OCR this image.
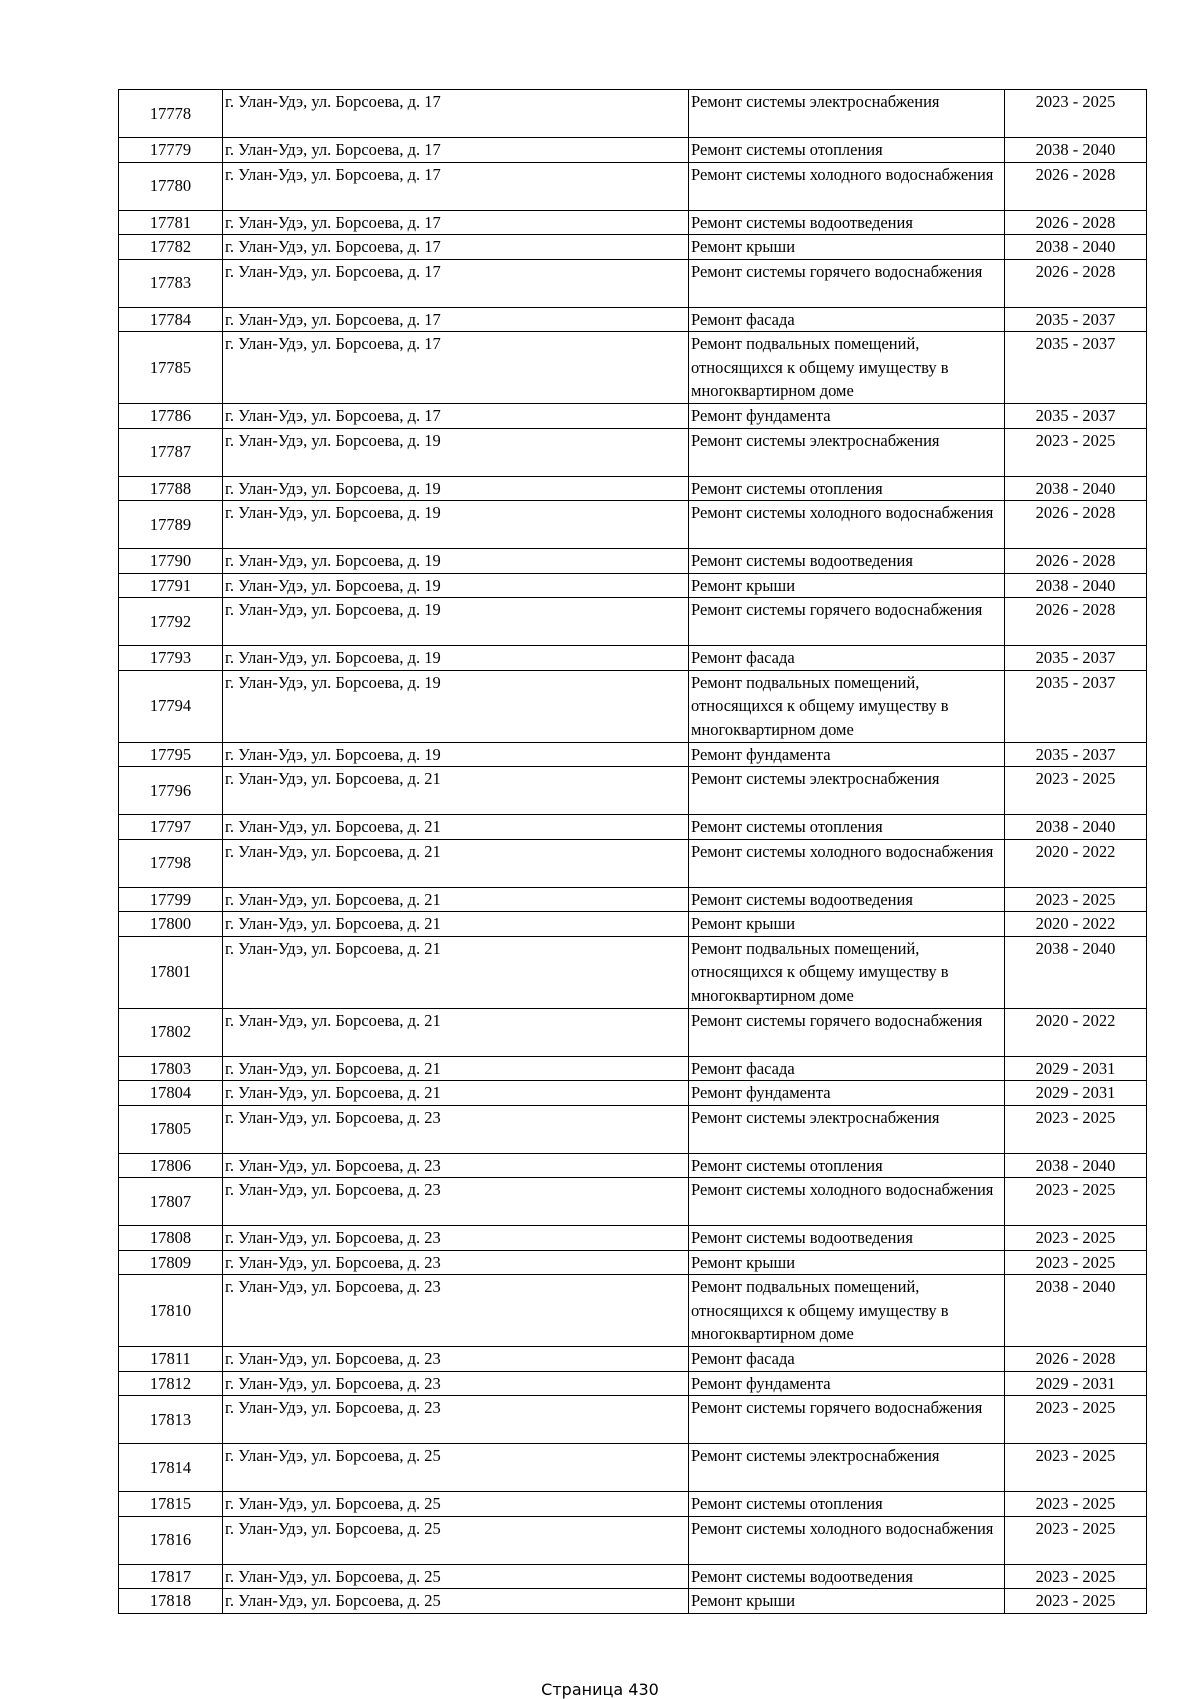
17778	г. Улан-Удэ, ул. Борсоева, д. 17	Ремонт системы электроснабжения	2023 - 2025
17779	г. Улан-Удэ, ул. Борсоева, д. 17	Ремонт системы отопления	2038 - 2040
17780	г. Улан-Удэ, ул. Борсоева, д. 17	Ремонт системы холодного водоснабжения	2026 - 2028
17781	г. Улан-Удэ, ул. Борсоева, д. 17	Ремонт системы водоотведения	2026 - 2028
17782	г. Улан-Удэ, ул. Борсоева, д. 17	Ремонт крыши	2038 - 2040
17783	г. Улан-Удэ, ул. Борсоева, д. 17	Ремонт системы горячего водоснабжения	2026 - 2028
17784	г. Улан-Удэ, ул. Борсоева, д. 17	Ремонт фасада	2035 - 2037
17785	г. Улан-Удэ, ул. Борсоева, д. 17	Ремонт подвальных помещений, относящихся к общему имуществу в многоквартирном доме	2035 - 2037
17786	г. Улан-Удэ, ул. Борсоева, д. 17	Ремонт фундамента	2035 - 2037
17787	г. Улан-Удэ, ул. Борсоева, д. 19	Ремонт системы электроснабжения	2023 - 2025
17788	г. Улан-Удэ, ул. Борсоева, д. 19	Ремонт системы отопления	2038 - 2040
17789	г. Улан-Удэ, ул. Борсоева, д. 19	Ремонт системы холодного водоснабжения	2026 - 2028
17790	г. Улан-Удэ, ул. Борсоева, д. 19	Ремонт системы водоотведения	2026 - 2028
17791	г. Улан-Удэ, ул. Борсоева, д. 19	Ремонт крыши	2038 - 2040
17792	г. Улан-Удэ, ул. Борсоева, д. 19	Ремонт системы горячего водоснабжения	2026 - 2028
17793	г. Улан-Удэ, ул. Борсоева, д. 19	Ремонт фасада	2035 - 2037
17794	г. Улан-Удэ, ул. Борсоева, д. 19	Ремонт подвальных помещений, относящихся к общему имуществу в многоквартирном доме	2035 - 2037
17795	г. Улан-Удэ, ул. Борсоева, д. 19	Ремонт фундамента	2035 - 2037
17796	г. Улан-Удэ, ул. Борсоева, д. 21	Ремонт системы электроснабжения	2023 - 2025
17797	г. Улан-Удэ, ул. Борсоева, д. 21	Ремонт системы отопления	2038 - 2040
17798	г. Улан-Удэ, ул. Борсоева, д. 21	Ремонт системы холодного водоснабжения	2020 - 2022
17799	г. Улан-Удэ, ул. Борсоева, д. 21	Ремонт системы водоотведения	2023 - 2025
17800	г. Улан-Удэ, ул. Борсоева, д. 21	Ремонт крыши	2020 - 2022
17801	г. Улан-Удэ, ул. Борсоева, д. 21	Ремонт подвальных помещений, относящихся к общему имуществу в многоквартирном доме	2038 - 2040
17802	г. Улан-Удэ, ул. Борсоева, д. 21	Ремонт системы горячего водоснабжения	2020 - 2022
17803	г. Улан-Удэ, ул. Борсоева, д. 21	Ремонт фасада	2029 - 2031
17804	г. Улан-Удэ, ул. Борсоева, д. 21	Ремонт фундамента	2029 - 2031
17805	г. Улан-Удэ, ул. Борсоева, д. 23	Ремонт системы электроснабжения	2023 - 2025
17806	г. Улан-Удэ, ул. Борсоева, д. 23	Ремонт системы отопления	2038 - 2040
17807	г. Улан-Удэ, ул. Борсоева, д. 23	Ремонт системы холодного водоснабжения	2023 - 2025
17808	г. Улан-Удэ, ул. Борсоева, д. 23	Ремонт системы водоотведения	2023 - 2025
17809	г. Улан-Удэ, ул. Борсоева, д. 23	Ремонт крыши	2023 - 2025
17810	г. Улан-Удэ, ул. Борсоева, д. 23	Ремонт подвальных помещений, относящихся к общему имуществу в многоквартирном доме	2038 - 2040
17811	г. Улан-Удэ, ул. Борсоева, д. 23	Ремонт фасада	2026 - 2028
17812	г. Улан-Удэ, ул. Борсоева, д. 23	Ремонт фундамента	2029 - 2031
17813	г. Улан-Удэ, ул. Борсоева, д. 23	Ремонт системы горячего водоснабжения	2023 - 2025
17814	г. Улан-Удэ, ул. Борсоева, д. 25	Ремонт системы электроснабжения	2023 - 2025
17815	г. Улан-Удэ, ул. Борсоева, д. 25	Ремонт системы отопления	2023 - 2025
17816	г. Улан-Удэ, ул. Борсоева, д. 25	Ремонт системы холодного водоснабжения	2023 - 2025
17817	г. Улан-Удэ, ул. Борсоева, д. 25	Ремонт системы водоотведения	2023 - 2025
17818	г. Улан-Удэ, ул. Борсоева, д. 25	Ремонт крыши	2023 - 2025
Страница 430
